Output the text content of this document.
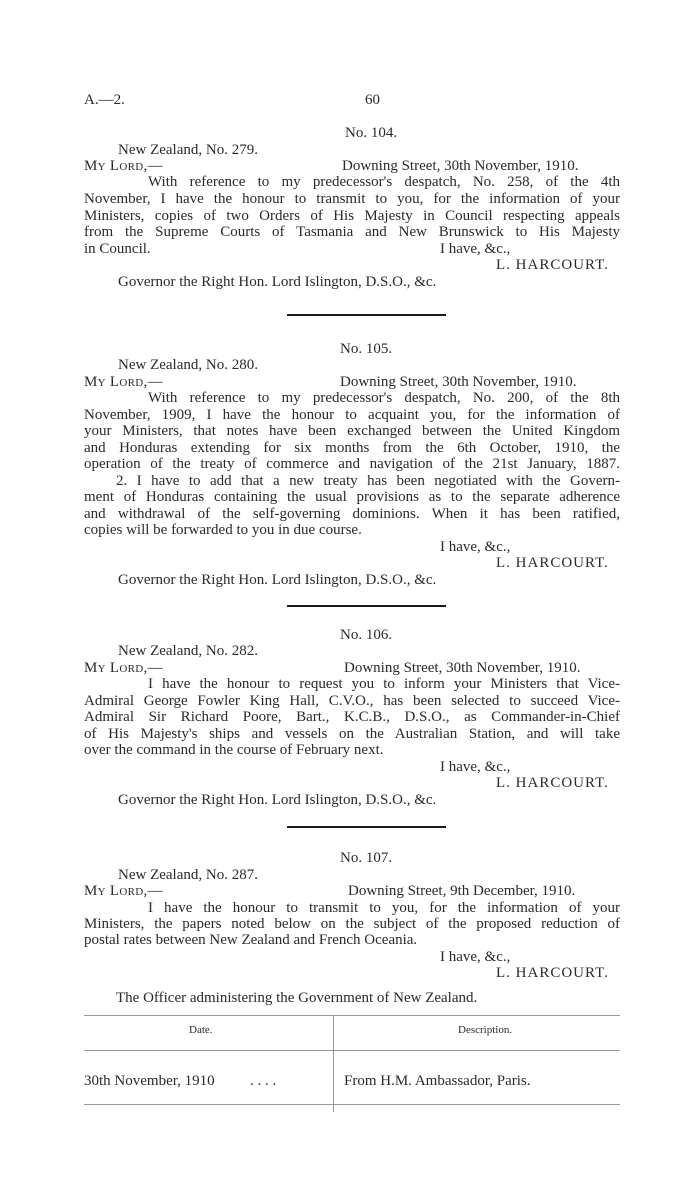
A.—2.	60
No. 104.
New Zealand, No. 279.
My Lord,—	Downing Street, 30th November, 1910.
With reference to my predecessor's despatch, No. 258, of the 4th
November, I have the honour to transmit to you, for the information of your
Ministers, copies of two Orders of His Majesty in Council respecting appeals
from the Supreme Courts of Tasmania and New Brunswick to His Majesty
in Council.	I have, &c.,
L. HARCOURT.
Governor the Right Hon. Lord Islington, D.S.O., &c.
No. 105.
New Zealand, No. 280.
My Lord,—	Downing Street, 30th November, 1910.
With reference to my predecessor's despatch, No. 200, of the 8th
November, 1909, I have the honour to acquaint you, for the information of
your Ministers, that notes have been exchanged between the United Kingdom
and Honduras extending for six months from the 6th October, 1910, the
operation of the treaty of commerce and navigation of the 21st January, 1887.
2. I have to add that a new treaty has been negotiated with the Govern-
ment of Honduras containing the usual provisions as to the separate adherence
and withdrawal of the self-governing dominions. When it has been ratified,
copies will be forwarded to you in due course.
I have, &c.,
L. HARCOURT.
Governor the Right Hon. Lord Islington, D.S.O., &c.
No. 106.
New Zealand, No. 282.
My Lord,—	Downing Street, 30th November, 1910.
I have the honour to request you to inform your Ministers that Vice-
Admiral George Fowler King Hall, C.V.O., has been selected to succeed Vice-
Admiral Sir Richard Poore, Bart., K.C.B., D.S.O., as Commander-in-Chief
of His Majesty's ships and vessels on the Australian Station, and will take
over the command in the course of February next.
I have, &c.,
L. HARCOURT.
Governor the Right Hon. Lord Islington, D.S.O., &c.
No. 107.
New Zealand, No. 287.
My Lord,—	Downing Street, 9th December, 1910.
I have the honour to transmit to you, for the information of your
Ministers, the papers noted below on the subject of the proposed reduction of
postal rates between New Zealand and French Oceania.
I have, &c.,
L. HARCOURT.
The Officer administering the Government of New Zealand.
Date.	Description.
30th November, 1910 . . . .	From H.M. Ambassador, Paris.
